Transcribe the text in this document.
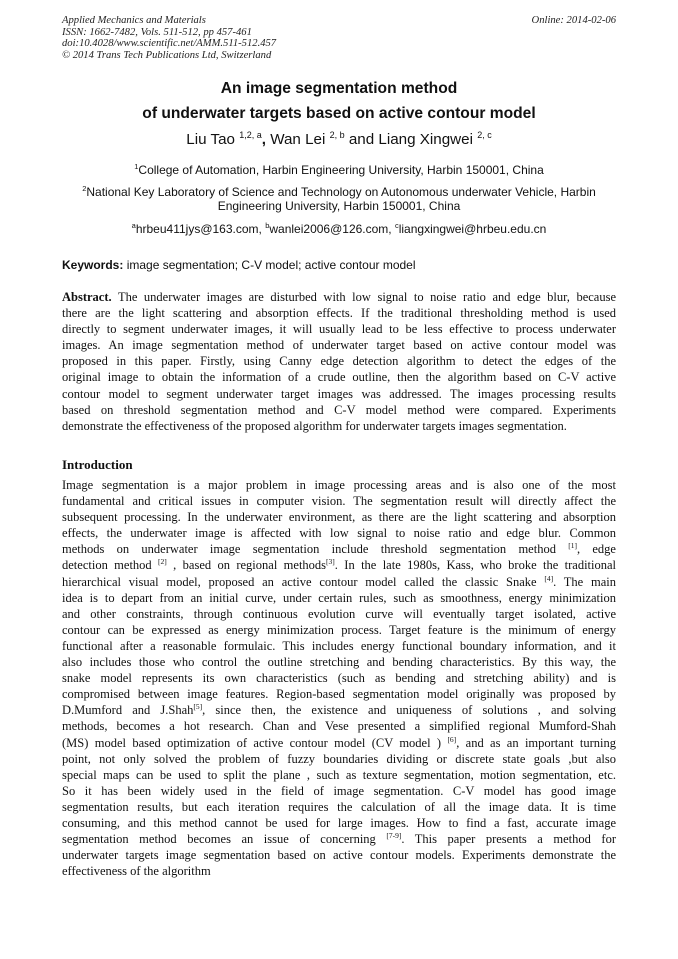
Applied Mechanics and Materials
ISSN: 1662-7482, Vols. 511-512, pp 457-461
doi:10.4028/www.scientific.net/AMM.511-512.457
© 2014 Trans Tech Publications Ltd, Switzerland
Online: 2014-02-06
An image segmentation method
of underwater targets based on active contour model
Liu Tao $^{1,2, a}$, Wan Lei $^{2, b}$ and Liang Xingwei $^{2, c}$
$^1$College of Automation, Harbin Engineering University, Harbin 150001, China
$^2$National Key Laboratory of Science and Technology on Autonomous underwater Vehicle, Harbin
Engineering University, Harbin 150001, China
$^a$hrbeu411jys@163.com, $^b$wanlei2006@126.com, $^c$liangxingwei@hrbeu.edu.cn
Keywords: image segmentation; C-V model; active contour model
Abstract. The underwater images are disturbed with low signal to noise ratio and edge blur, because
there are the light scattering and absorption effects. If the traditional thresholding method is used
directly to segment underwater images, it will usually lead to be less effective to process underwater
images. An image segmentation method of underwater target based on active contour model was
proposed in this paper. Firstly, using Canny edge detection algorithm to detect the edges of the
original image to obtain the information of a crude outline, then the algorithm based on C-V active
contour model to segment underwater target images was addressed. The images processing results
based on threshold segmentation method and C-V model method were compared. Experiments
demonstrate the effectiveness of the proposed algorithm for underwater targets images segmentation.
Introduction
Image segmentation is a major problem in image processing areas and is also one of the most
fundamental and critical issues in computer vision. The segmentation result will directly affect the
subsequent processing. In the underwater environment, as there are the light scattering and absorption
effects, the underwater image is affected with low signal to noise ratio and edge blur. Common
methods on underwater image segmentation include threshold segmentation method [1], edge
detection method [2] , based on regional methods[3]. In the late 1980s, Kass, who broke the traditional
hierarchical visual model, proposed an active contour model called the classic Snake [4]. The main
idea is to depart from an initial curve, under certain rules, such as smoothness, energy minimization
and other constraints, through continuous evolution curve will eventually target isolated, active
contour can be expressed as energy minimization process. Target feature is the minimum of energy
functional after a reasonable formulaic. This includes energy functional boundary information, and it
also includes those who control the outline stretching and bending characteristics. By this way, the
snake model represents its own characteristics (such as bending and stretching ability) and is
compromised between image features. Region-based segmentation model originally was proposed by
D.Mumford and J.Shah[5], since then, the existence and uniqueness of solutions , and solving
methods, becomes a hot research. Chan and Vese presented a simplified regional Mumford-Shah
(MS) model based optimization of active contour model (CV model ) [6], and as an important turning
point, not only solved the problem of fuzzy boundaries dividing or discrete state goals ,but also
special maps can be used to split the plane , such as texture segmentation, motion segmentation, etc.
So it has been widely used in the field of image segmentation. C-V model has good image
segmentation results, but each iteration requires the calculation of all the image data. It is time
consuming, and this method cannot be used for large images. How to find a fast, accurate image
segmentation method becomes an issue of concerning [7-9]. This paper presents a method for
underwater targets image segmentation based on active contour models. Experiments demonstrate the
effectiveness of the algorithm
